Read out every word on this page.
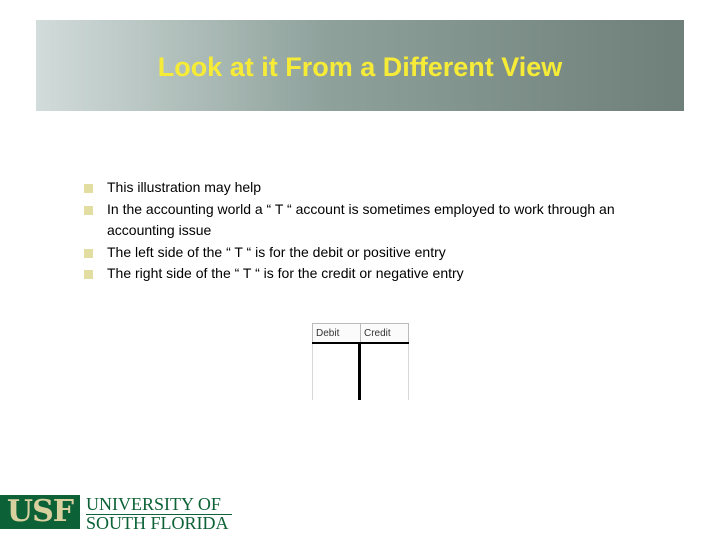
Look at it From a Different View
This illustration may help
In the accounting world a “ T “ account is sometimes employed to work through an accounting issue
The left side of the “ T “ is for the debit or positive entry
The right side of the “ T “ is for the credit or negative entry
Debit	Credit
USF UNIVERSITY OF
SOUTH FLORIDA
